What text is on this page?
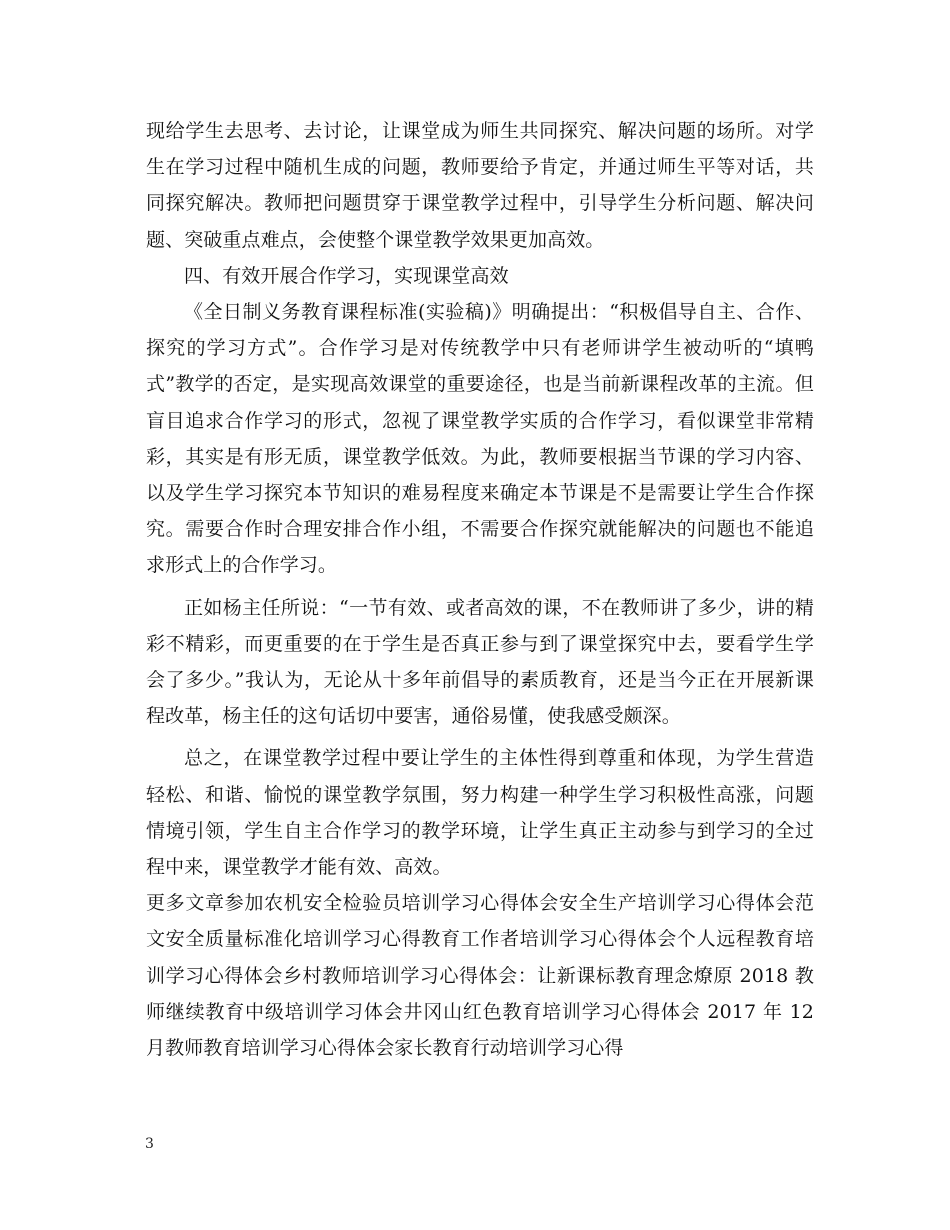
现给学生去思考、去讨论，让课堂成为师生共同探究、解决问题的场所。对学生在学习过程中随机生成的问题，教师要给予肯定，并通过师生平等对话，共同探究解决。教师把问题贯穿于课堂教学过程中，引导学生分析问题、解决问题、突破重点难点，会使整个课堂教学效果更加高效。

四、有效开展合作学习，实现课堂高效

《全日制义务教育课程标准(实验稿)》明确提出：“积极倡导自主、合作、探究的学习方式”。合作学习是对传统教学中只有老师讲学生被动听的“填鸭式”教学的否定，是实现高效课堂的重要途径，也是当前新课程改革的主流。但盲目追求合作学习的形式，忽视了课堂教学实质的合作学习，看似课堂非常精彩，其实是有形无质，课堂教学低效。为此，教师要根据当节课的学习内容、以及学生学习探究本节知识的难易程度来确定本节课是不是需要让学生合作探究。需要合作时合理安排合作小组，不需要合作探究就能解决的问题也不能追求形式上的合作学习。

正如杨主任所说：“一节有效、或者高效的课，不在教师讲了多少，讲的精彩不精彩，而更重要的在于学生是否真正参与到了课堂探究中去，要看学生学会了多少。”我认为，无论从十多年前倡导的素质教育，还是当今正在开展新课程改革，杨主任的这句话切中要害，通俗易懂，使我感受颇深。

总之，在课堂教学过程中要让学生的主体性得到尊重和体现，为学生营造轻松、和谐、愉悦的课堂教学氛围，努力构建一种学生学习积极性高涨，问题情境引领，学生自主合作学习的教学环境，让学生真正主动参与到学习的全过程中来，课堂教学才能有效、高效。

更多文章参加农机安全检验员培训学习心得体会安全生产培训学习心得体会范文安全质量标准化培训学习心得教育工作者培训学习心得体会个人远程教育培训学习心得体会乡村教师培训学习心得体会：让新课标教育理念燎原 2018 教师继续教育中级培训学习体会井冈山红色教育培训学习心得体会 2017 年 12 月教师教育培训学习心得体会家长教育行动培训学习心得

3
